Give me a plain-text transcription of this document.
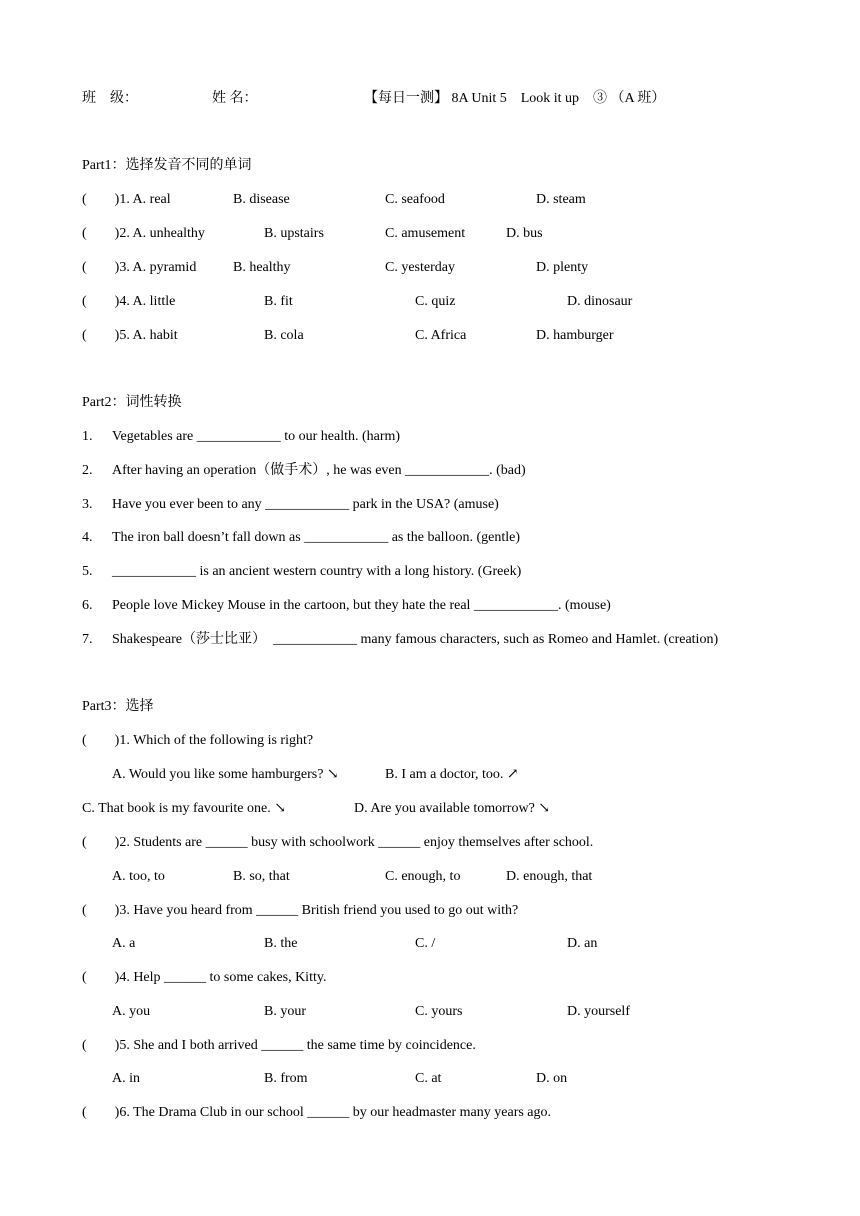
班　级：	姓 名：	【每日一测】 8A Unit 5　Look it up　③ （A 班）
Part1：选择发音不同的单词
(　　)1. A. real	B. disease	C. seafood	D. steam
(　　)2. A. unhealthy	B. upstairs	C. amusement	D. bus
(　　)3. A. pyramid	B. healthy	C. yesterday	D. plenty
(　　)4. A. little	B. fit	C. quiz	D. dinosaur
(　　)5. A. habit	B. cola	C. Africa	D. hamburger
Part2：词性转换
1. Vegetables are ____________ to our health. (harm)
2. After having an operation（做手术）, he was even ____________. (bad)
3. Have you ever been to any ____________ park in the USA? (amuse)
4. The iron ball doesn’t fall down as ____________ as the balloon. (gentle)
5. ____________ is an ancient western country with a long history. (Greek)
6. People love Mickey Mouse in the cartoon, but they hate the real ____________. (mouse)
7. Shakespeare（莎士比亚）　____________ many famous characters, such as Romeo and Hamlet. (creation)
Part3：选择
(　　)1. Which of the following is right?
A. Would you like some hamburgers? ↘	B. I am a doctor, too. ↗
C. That book is my favourite one. ↘	D. Are you available tomorrow? ↘
(　　)2. Students are ______ busy with schoolwork ______ enjoy themselves after school.
A. too, to	B. so, that	C. enough, to	D. enough, that
(　　)3. Have you heard from ______ British friend you used to go out with?
A. a	B. the	C. /	D. an
(　　)4. Help ______ to some cakes, Kitty.
A. you	B. your	C. yours	D. yourself
(　　)5. She and I both arrived ______ the same time by coincidence.
A. in	B. from	C. at	D. on
(　　)6. The Drama Club in our school ______ by our headmaster many years ago.
